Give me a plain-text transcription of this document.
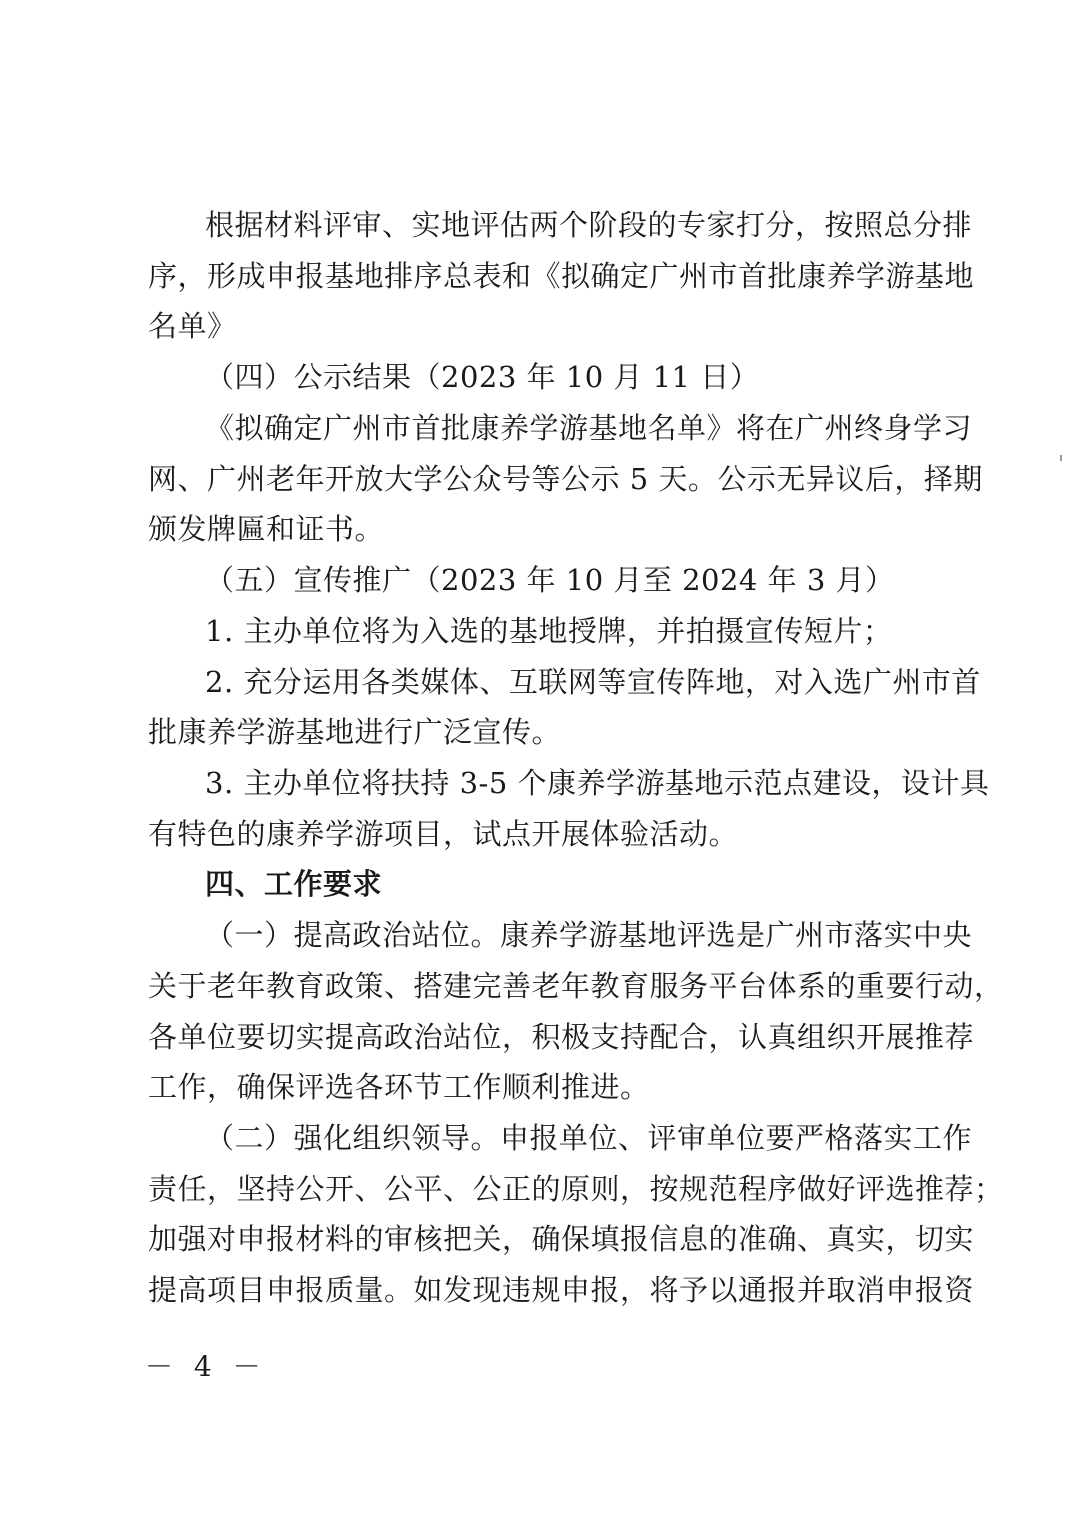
根据材料评审、实地评估两个阶段的专家打分，按照总分排
序，形成申报基地排序总表和《拟确定广州市首批康养学游基地
名单》
（四）公示结果（2023 年 10 月 11 日）
《拟确定广州市首批康养学游基地名单》将在广州终身学习
网、广州老年开放大学公众号等公示 5 天。公示无异议后，择期
颁发牌匾和证书。
（五）宣传推广（2023 年 10 月至 2024 年 3 月）
1. 主办单位将为入选的基地授牌，并拍摄宣传短片；
2. 充分运用各类媒体、互联网等宣传阵地，对入选广州市首
批康养学游基地进行广泛宣传。
3. 主办单位将扶持 3-5 个康养学游基地示范点建设，设计具
有特色的康养学游项目，试点开展体验活动。
四、工作要求
（一）提高政治站位。康养学游基地评选是广州市落实中央
关于老年教育政策、搭建完善老年教育服务平台体系的重要行动，
各单位要切实提高政治站位，积极支持配合，认真组织开展推荐
工作，确保评选各环节工作顺利推进。
（二）强化组织领导。申报单位、评审单位要严格落实工作
责任，坚持公开、公平、公正的原则，按规范程序做好评选推荐；
加强对申报材料的审核把关，确保填报信息的准确、真实，切实
提高项目申报质量。如发现违规申报，将予以通报并取消申报资
－ 4 －
